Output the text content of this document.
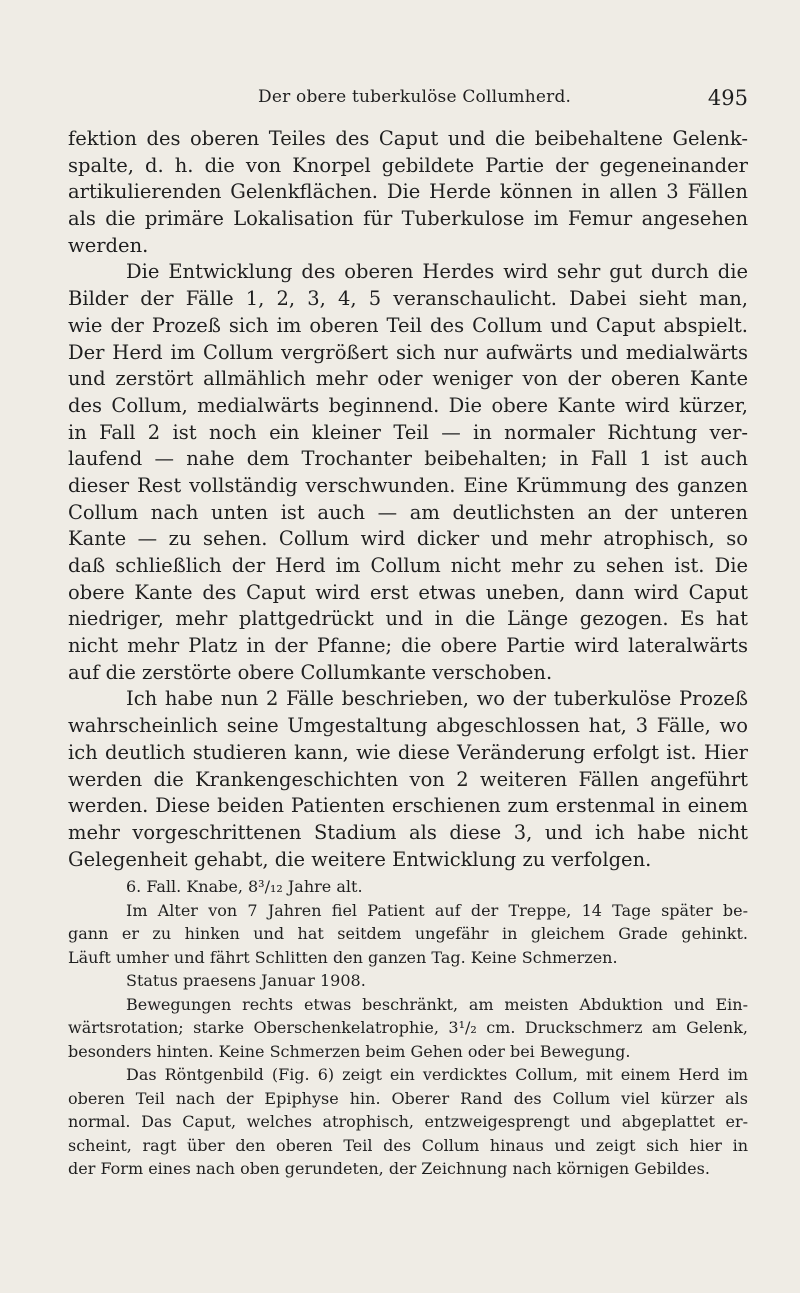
Der obere tuberkulöse Collumherd.	495
fektion des oberen Teiles des Caput und die beibehaltene Gelenk-
spalte, d. h. die von Knorpel gebildete Partie der gegeneinander
artikulierenden Gelenkflächen. Die Herde können in allen 3 Fällen
als die primäre Lokalisation für Tuberkulose im Femur angesehen
werden.
Die Entwicklung des oberen Herdes wird sehr gut durch die
Bilder der Fälle 1, 2, 3, 4, 5 veranschaulicht. Dabei sieht man,
wie der Prozeß sich im oberen Teil des Collum und Caput abspielt.
Der Herd im Collum vergrößert sich nur aufwärts und medialwärts
und zerstört allmählich mehr oder weniger von der oberen Kante
des Collum, medialwärts beginnend. Die obere Kante wird kürzer,
in Fall 2 ist noch ein kleiner Teil — in normaler Richtung ver-
laufend — nahe dem Trochanter beibehalten; in Fall 1 ist auch
dieser Rest vollständig verschwunden. Eine Krümmung des ganzen
Collum nach unten ist auch — am deutlichsten an der unteren
Kante — zu sehen. Collum wird dicker und mehr atrophisch, so
daß schließlich der Herd im Collum nicht mehr zu sehen ist. Die
obere Kante des Caput wird erst etwas uneben, dann wird Caput
niedriger, mehr plattgedrückt und in die Länge gezogen. Es hat
nicht mehr Platz in der Pfanne; die obere Partie wird lateralwärts
auf die zerstörte obere Collumkante verschoben.
Ich habe nun 2 Fälle beschrieben, wo der tuberkulöse Prozeß
wahrscheinlich seine Umgestaltung abgeschlossen hat, 3 Fälle, wo
ich deutlich studieren kann, wie diese Veränderung erfolgt ist. Hier
werden die Krankengeschichten von 2 weiteren Fällen angeführt
werden. Diese beiden Patienten erschienen zum erstenmal in einem
mehr vorgeschrittenen Stadium als diese 3, und ich habe nicht
Gelegenheit gehabt, die weitere Entwicklung zu verfolgen.
6. Fall. Knabe, 8³/₁₂ Jahre alt.
Im Alter von 7 Jahren fiel Patient auf der Treppe, 14 Tage später be-
gann er zu hinken und hat seitdem ungefähr in gleichem Grade gehinkt.
Läuft umher und fährt Schlitten den ganzen Tag. Keine Schmerzen.
Status praesens Januar 1908.
Bewegungen rechts etwas beschränkt, am meisten Abduktion und Ein-
wärtsrotation; starke Oberschenkelatrophie, 3¹/₂ cm. Druckschmerz am Gelenk,
besonders hinten. Keine Schmerzen beim Gehen oder bei Bewegung.
Das Röntgenbild (Fig. 6) zeigt ein verdicktes Collum, mit einem Herd im
oberen Teil nach der Epiphyse hin. Oberer Rand des Collum viel kürzer als
normal. Das Caput, welches atrophisch, entzweigesprengt und abgeplattet er-
scheint, ragt über den oberen Teil des Collum hinaus und zeigt sich hier in
der Form eines nach oben gerundeten, der Zeichnung nach körnigen Gebildes.
